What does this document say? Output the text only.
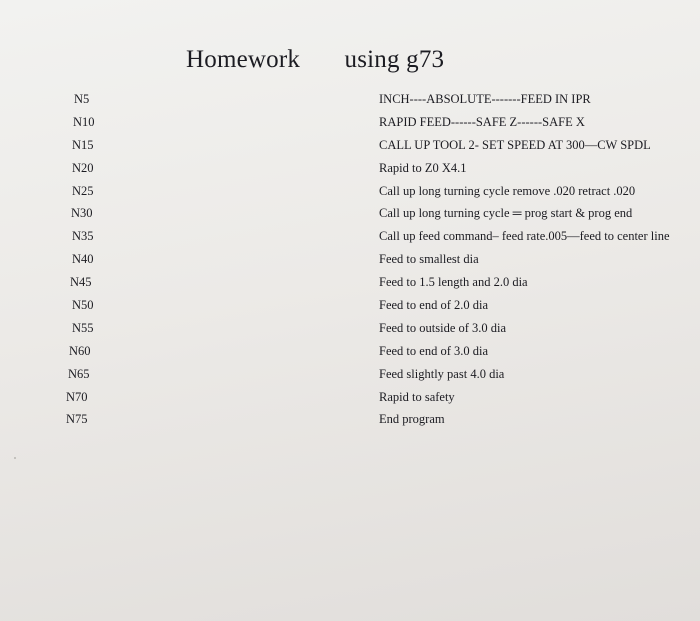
Homework using g73
N5	INCH----ABSOLUTE-------FEED IN IPR
N10	RAPID FEED------SAFE Z------SAFE X
N15	CALL UP TOOL 2- SET SPEED AT 300—CW SPDL
N20	Rapid to Z0 X4.1
N25	Call up long turning cycle remove .020 retract .020
N30	Call up long turning cycle ═ prog start & prog end
N35	Call up feed command– feed rate.005—feed to center line
N40	Feed to smallest dia
N45	Feed to 1.5 length and 2.0 dia
N50	Feed to end of 2.0 dia
N55	Feed to outside of 3.0 dia
N60	Feed to end of 3.0 dia
N65	Feed slightly past 4.0 dia
N70	Rapid to safety
N75	End program
